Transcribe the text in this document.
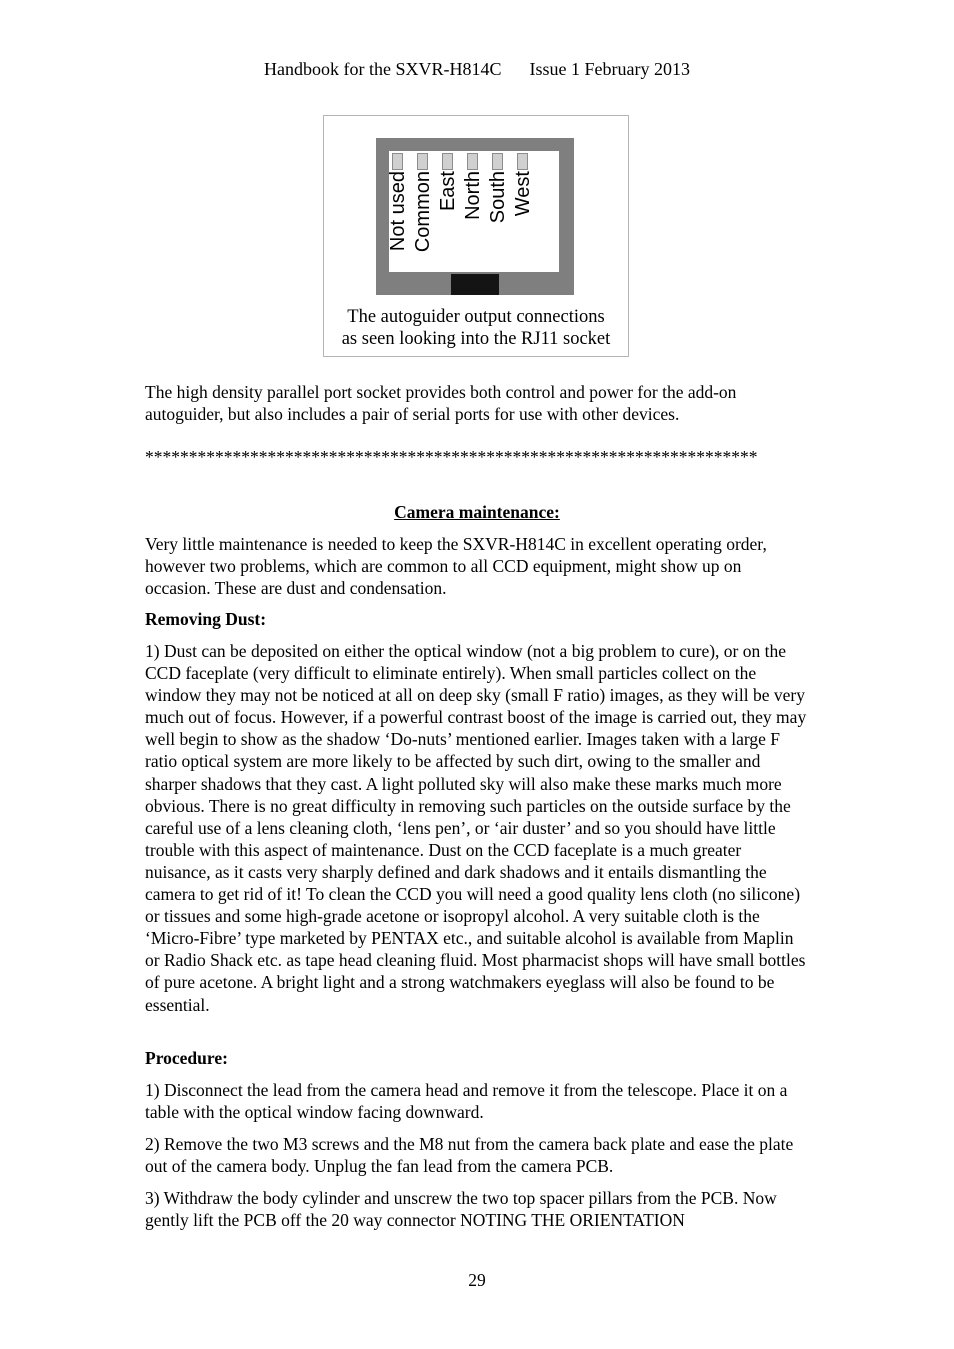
Handbook for the SXVR-H814C Issue 1 February 2013
Not used Common East North South West
The autoguider output connections
as seen looking into the RJ11 socket

The high density parallel port socket provides both control and power for the add-on autoguider, but also includes a pair of serial ports for use with other devices.

**********************************************************************
Camera maintenance:

Very little maintenance is needed to keep the SXVR-H814C in excellent operating order, however two problems, which are common to all CCD equipment, might show up on occasion. These are dust and condensation.

Removing Dust:

1) Dust can be deposited on either the optical window (not a big problem to cure), or on the CCD faceplate (very difficult to eliminate entirely). When small particles collect on the window they may not be noticed at all on deep sky (small F ratio) images, as they will be very much out of focus. However, if a powerful contrast boost of the image is carried out, they may well begin to show as the shadow ‘Do-nuts’ mentioned earlier. Images taken with a large F ratio optical system are more likely to be affected by such dirt, owing to the smaller and sharper shadows that they cast. A light polluted sky will also make these marks much more obvious. There is no great difficulty in removing such particles on the outside surface by the careful use of a lens cleaning cloth, ‘lens pen’, or ‘air duster’ and so you should have little trouble with this aspect of maintenance. Dust on the CCD faceplate is a much greater nuisance, as it casts very sharply defined and dark shadows and it entails dismantling the camera to get rid of it! To clean the CCD you will need a good quality lens cloth (no silicone) or tissues and some high-grade acetone or isopropyl alcohol. A very suitable cloth is the ‘Micro-Fibre’ type marketed by PENTAX etc., and suitable alcohol is available from Maplin or Radio Shack etc. as tape head cleaning fluid. Most pharmacist shops will have small bottles of pure acetone. A bright light and a strong watchmakers eyeglass will also be found to be essential.

Procedure:

1) Disconnect the lead from the camera head and remove it from the telescope. Place it on a table with the optical window facing downward.

2) Remove the two M3 screws and the M8 nut from the camera back plate and ease the plate out of the camera body. Unplug the fan lead from the camera PCB.

3) Withdraw the body cylinder and unscrew the two top spacer pillars from the PCB. Now gently lift the PCB off the 20 way connector NOTING THE ORIENTATION

29
